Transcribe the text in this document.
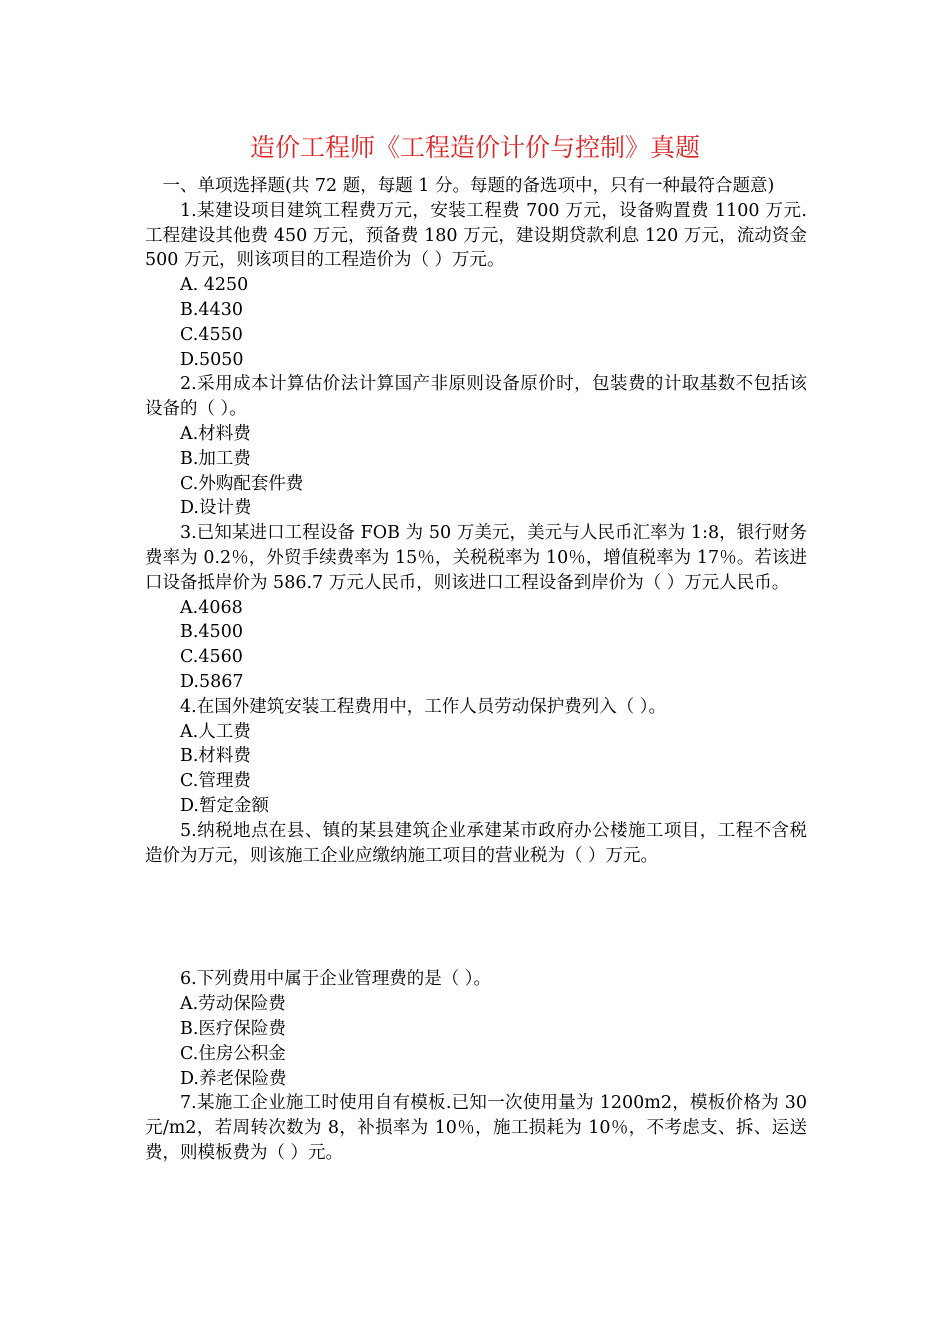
造价工程师《工程造价计价与控制》真题

一、单项选择题(共 72 题，每题 1 分。每题的备选项中，只有一种最符合题意)

1.某建设项目建筑工程费万元，安装工程费 700 万元，设备购置费 1100 万元.工程建设其他费 450 万元，预备费 180 万元，建设期贷款利息 120 万元，流动资金 500 万元，则该项目的工程造价为（ ）万元。

A. 4250

B.4430

C.4550

D.5050

2.采用成本计算估价法计算国产非原则设备原价时，包装费的计取基数不包括该设备的（ ）。

A.材料费

B.加工费

C.外购配套件费

D.设计费

3.已知某进口工程设备 FOB 为 50 万美元，美元与人民币汇率为 1:8，银行财务费率为 0.2％，外贸手续费率为 15％，关税税率为 10％，增值税率为 17％。若该进口设备抵岸价为 586.7 万元人民币，则该进口工程设备到岸价为（ ）万元人民币。

A.4068

B.4500

C.4560

D.5867

4.在国外建筑安装工程费用中，工作人员劳动保护费列入（ ）。

A.人工费

B.材料费

C.管理费

D.暂定金额

5.纳税地点在县、镇的某县建筑企业承建某市政府办公楼施工项目，工程不含税造价为万元，则该施工企业应缴纳施工项目的营业税为（ ）万元。

6.下列费用中属于企业管理费的是（ ）。

A.劳动保险费

B.医疗保险费

C.住房公积金

D.养老保险费

7.某施工企业施工时使用自有模板.已知一次使用量为 1200m2，模板价格为 30 元/m2，若周转次数为 8，补损率为 10％，施工损耗为 10％，不考虑支、拆、运送费，则模板费为（ ）元。
